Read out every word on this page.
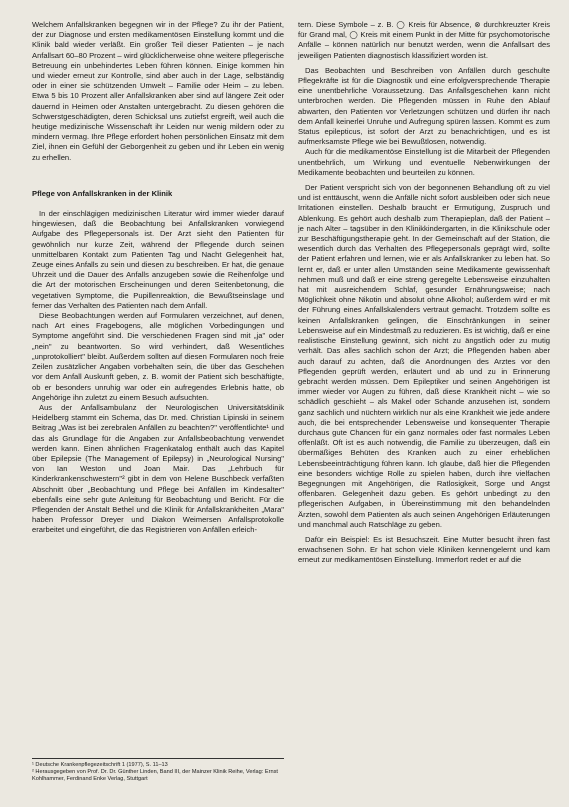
Welchem Anfallskranken begegnen wir in der Pflege? Zu ihr der Patient, der zur Diagnose und ersten medikamentösen Einstellung kommt und die Klinik bald wieder verläßt. Ein großer Teil dieser Patienten – je nach Anfallsart 60–80 Prozent – wird glücklicherweise ohne weitere pflegerische Betreuung ein unbehindertes Leben führen können. Einige kommen hin und wieder erneut zur Kontrolle, sind aber auch in der Lage, selbständig oder in einer sie schützenden Umwelt – Familie oder Heim – zu leben. Etwa 5 bis 10 Prozent aller Anfallskranken aber sind auf längere Zeit oder dauernd in Heimen oder Anstalten untergebracht. Zu diesen gehören die Schwerstgeschädigten, deren Schicksal uns zutiefst ergreift, weil auch die heutige medizinische Wissenschaft ihr Leiden nur wenig mildern oder zu mindern vermag. Ihre Pflege erfordert hohen persönlichen Einsatz mit dem Ziel, ihnen ein Gefühl der Geborgenheit zu geben und ihr Leben ein wenig zu erhellen.

Pflege von Anfallskranken in der Klinik

In der einschlägigen medizinischen Literatur wird immer wieder darauf hingewiesen, daß die Beobachtung bei Anfallskranken vorwiegend Aufgabe des Pflegepersonals ist. Der Arzt sieht den Patienten für gewöhnlich nur kurze Zeit, während der Pflegende durch seinen unmittelbaren Kontakt zum Patienten Tag und Nacht Gelegenheit hat, Zeuge eines Anfalls zu sein und diesen zu beschreiben. Er hat, die genaue Uhrzeit und die Dauer des Anfalls anzugeben sowie die Reihenfolge und die Art der motorischen Erscheinungen und deren Seitenbetonung, die vegetativen Symptome, die Pupillenreaktion, die Bewußtseinslage und ferner das Verhalten des Patienten nach dem Anfall.

Diese Beobachtungen werden auf Formularen verzeichnet, auf denen, nach Art eines Fragebogens, alle möglichen Vorbedingungen und Symptome angeführt sind. Die verschiedenen Fragen sind mit „ja" oder „nein" zu beantworten. So wird verhindert, daß Wesentliches „unprotokolliert" bleibt. Außerdem sollten auf diesen Formularen noch freie Zeilen zusätzlicher Angaben vorbehalten sein, die über das Geschehen vor dem Anfall Auskunft geben, z. B. womit der Patient sich beschäftigte, ob er besonders unruhig war oder ein aufregendes Erlebnis hatte, ob Angehörige ihn zuletzt zu einem Besuch aufsuchten.

Aus der Anfallsambulanz der Neurologischen Universitätsklinik Heidelberg stammt ein Schema, das Dr. med. Christian Lipinski in seinem Beitrag „Was ist bei zerebralen Anfällen zu beachten?" veröffentlichte¹ und das als Grundlage für die Angaben zur Anfallsbeobachtung verwendet werden kann. Einen ähnlichen Fragenkatalog enthält auch das Kapitel über Epilepsie (The Management of Epilepsy) in „Neurological Nursing" von Ian Weston und Joan Mair. Das „Lehrbuch für Kinderkrankenschwestern"² gibt in dem von Helene Buschbeck verfaßten Abschnitt über „Beobachtung und Pflege bei Anfällen im Kindesalter" ebenfalls eine sehr gute Anleitung für Beobachtung und Bericht. Für die Pflegenden der Anstalt Bethel und die Klinik für Anfallskrankheiten „Mara" haben Professor Dreyer und Diakon Weimersen Anfallsprotokolle erarbeitet und eingeführt, die das Registrieren von Anfällen erleich-

tern. Diese Symbole – z. B. ◯ Kreis für Absence, ⊗ durchkreuzter Kreis für Grand mal, ◯ Kreis mit einem Punkt in der Mitte für psychomotorische Anfälle – können natürlich nur benutzt werden, wenn die Anfallsart des jeweiligen Patienten diagnostisch klassifiziert worden ist.

Das Beobachten und Beschreiben von Anfällen durch geschulte Pflegekräfte ist für die Diagnostik und eine erfolgversprechende Therapie eine unentbehrliche Voraussetzung. Das Anfallsgeschehen kann nicht unterbrochen werden. Die Pflegenden müssen in Ruhe den Ablauf abwarten, den Patienten vor Verletzungen schützen und dürfen ihr nach dem Anfall keinerlei Unruhe und Aufregung spüren lassen. Kommt es zum Status epilepticus, ist sofort der Arzt zu benachrichtigen, und es ist aufmerksamste Pflege wie bei Bewußtlosen, notwendig.

Auch für die medikamentöse Einstellung ist die Mitarbeit der Pflegenden unentbehrlich, um Wirkung und eventuelle Nebenwirkungen der Medikamente beobachten und beurteilen zu können.

Der Patient verspricht sich von der begonnenen Behandlung oft zu viel und ist enttäuscht, wenn die Anfälle nicht sofort ausbleiben oder sich neue Irritationen einstellen. Deshalb braucht er Ermutigung, Zuspruch und Ablenkung. Es gehört auch deshalb zum Therapieplan, daß der Patient – je nach Alter – tagsüber in den Klinikkindergarten, in die Klinikschule oder zur Beschäftigungstherapie geht. In der Gemeinschaft auf der Station, die wesentlich durch das Verhalten des Pflegepersonals geprägt wird, sollte der Patient erfahren und lernen, wie er als Anfallskranker zu leben hat. So lernt er, daß er unter allen Umständen seine Medikamente gewissenhaft nehmen muß und daß er eine streng geregelte Lebensweise einzuhalten hat mit ausreichendem Schlaf, gesunder Ernährungsweise; nach Möglichkeit ohne Nikotin und absolut ohne Alkohol; außerdem wird er mit der Führung eines Anfallskalenders vertraut gemacht. Trotzdem sollte es keinen Anfallskranken gelingen, die Einschränkungen in seiner Lebensweise auf ein Mindestmaß zu reduzieren. Es ist wichtig, daß er eine realistische Einstellung gewinnt, sich nicht zu ängstlich oder zu mutig verhält. Das alles sachlich schon der Arzt; die Pflegenden haben aber auch darauf zu achten, daß die Anordnungen des Arztes vor den Pflegenden geprüft werden, erläutert und ab und zu in Erinnerung gebracht werden müssen. Dem Epileptiker und seinen Angehörigen ist immer wieder vor Augen zu führen, daß diese Krankheit nicht – wie so schädlich geschieht – als Makel oder Schande anzusehen ist, sondern ganz sachlich und nüchtern wirklich nur als eine Krankheit wie jede andere auch, die bei entsprechender Lebensweise und konsequenter Therapie durchaus gute Chancen für ein ganz normales oder fast normales Leben offenläßt. Oft ist es auch notwendig, die Familie zu überzeugen, daß ein übermäßiges Behüten des Kranken auch zu einer erheblichen Lebensbeeinträchtigung führen kann. Ich glaube, daß hier die Pflegenden eine besonders wichtige Rolle zu spielen haben, durch ihre vielfachen Begegnungen mit Angehörigen, die Ratlosigkeit, Sorge und Angst offenbaren. Gelegenheit dazu geben. Es gehört unbedingt zu den pflegerischen Aufgaben, in Übereinstimmung mit den behandelnden Ärzten, sowohl dem Patienten als auch seinen Angehörigen Erläuterungen und manchmal auch Ratschläge zu geben.

Dafür ein Beispiel: Es ist Besuchszeit. Eine Mutter besucht ihren fast erwachsenen Sohn. Er hat schon viele Kliniken kennengelernt und kam erneut zur medikamentösen Einstellung. Immerfort redet er auf die

¹ Deutsche Krankenpflegezeitschrift 1 (1977), S. 11–13

² Herausgegeben von Prof. Dr. Dr. Günther Linden, Band III, der Mainzer Klinik Reihe, Verlag: Ernst Kohlhammer, Ferdinand Enke Verlag, Stuttgart
